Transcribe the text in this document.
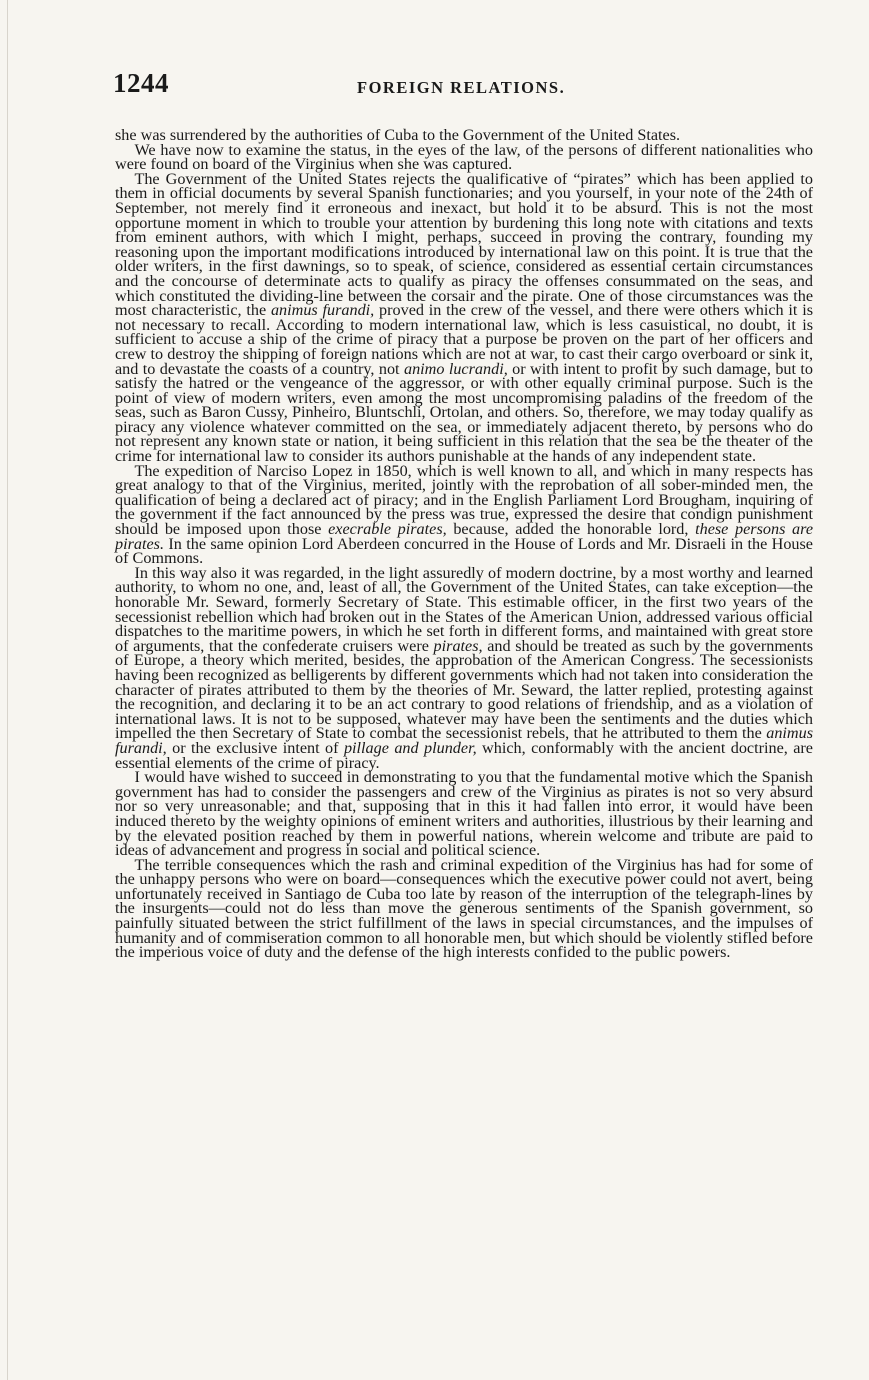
1244	FOREIGN RELATIONS.

she was surrendered by the authorities of Cuba to the Government of the United States.

We have now to examine the status, in the eyes of the law, of the persons of different nationalities who were found on board of the Virginius when she was captured.

The Government of the United States rejects the qualificative of “pirates” which has been applied to them in official documents by several Spanish functionaries; and you yourself, in your note of the 24th of September, not merely find it erroneous and inexact, but hold it to be absurd. This is not the most opportune moment in which to trouble your attention by burdening this long note with citations and texts from eminent authors, with which I might, perhaps, succeed in proving the contrary, founding my reasoning upon the important modifications introduced by international law on this point. It is true that the older writers, in the first dawnings, so to speak, of science, considered as essential certain circumstances and the concourse of determinate acts to qualify as piracy the offenses consummated on the seas, and which constituted the dividing-line between the corsair and the pirate. One of those circumstances was the most characteristic, the animus furandi, proved in the crew of the vessel, and there were others which it is not necessary to recall. According to modern international law, which is less casuistical, no doubt, it is sufficient to accuse a ship of the crime of piracy that a purpose be proven on the part of her officers and crew to destroy the shipping of foreign nations which are not at war, to cast their cargo overboard or sink it, and to devastate the coasts of a country, not animo lucrandi, or with intent to profit by such damage, but to satisfy the hatred or the vengeance of the aggressor, or with other equally criminal purpose. Such is the point of view of modern writers, even among the most uncompromising paladins of the freedom of the seas, such as Baron Cussy, Pinheiro, Bluntschli, Ortolan, and others. So, therefore, we may today qualify as piracy any violence whatever committed on the sea, or immediately adjacent thereto, by persons who do not represent any known state or nation, it being sufficient in this relation that the sea be the theater of the crime for international law to consider its authors punishable at the hands of any independent state.

The expedition of Narciso Lopez in 1850, which is well known to all, and which in many respects has great analogy to that of the Virginius, merited, jointly with the reprobation of all sober-minded men, the qualification of being a declared act of piracy; and in the English Parliament Lord Brougham, inquiring of the government if the fact announced by the press was true, expressed the desire that condign punishment should be imposed upon those execrable pirates, because, added the honorable lord, these persons are pirates. In the same opinion Lord Aberdeen concurred in the House of Lords and Mr. Disraeli in the House of Commons.

In this way also it was regarded, in the light assuredly of modern doctrine, by a most worthy and learned authority, to whom no one, and, least of all, the Government of the United States, can take exception—the honorable Mr. Seward, formerly Secretary of State. This estimable officer, in the first two years of the secessionist rebellion which had broken out in the States of the American Union, addressed various official dispatches to the maritime powers, in which he set forth in different forms, and maintained with great store of arguments, that the confederate cruisers were pirates, and should be treated as such by the governments of Europe, a theory which merited, besides, the approbation of the American Congress. The secessionists having been recognized as belligerents by different governments which had not taken into consideration the character of pirates attributed to them by the theories of Mr. Seward, the latter replied, protesting against the recognition, and declaring it to be an act contrary to good relations of friendship, and as a violation of international laws. It is not to be supposed, whatever may have been the sentiments and the duties which impelled the then Secretary of State to combat the secessionist rebels, that he attributed to them the animus furandi, or the exclusive intent of pillage and plunder, which, conformably with the ancient doctrine, are essential elements of the crime of piracy.

I would have wished to succeed in demonstrating to you that the fundamental motive which the Spanish government has had to consider the passengers and crew of the Virginius as pirates is not so very absurd nor so very unreasonable; and that, supposing that in this it had fallen into error, it would have been induced thereto by the weighty opinions of eminent writers and authorities, illustrious by their learning and by the elevated position reached by them in powerful nations, wherein welcome and tribute are paid to ideas of advancement and progress in social and political science.

The terrible consequences which the rash and criminal expedition of the Virginius has had for some of the unhappy persons who were on board—consequences which the executive power could not avert, being unfortunately received in Santiago de Cuba too late by reason of the interruption of the telegraph-lines by the insurgents—could not do less than move the generous sentiments of the Spanish government, so painfully situated between the strict fulfillment of the laws in special circumstances, and the impulses of humanity and of commiseration common to all honorable men, but which should be violently stifled before the imperious voice of duty and the defense of the high interests confided to the public powers.
